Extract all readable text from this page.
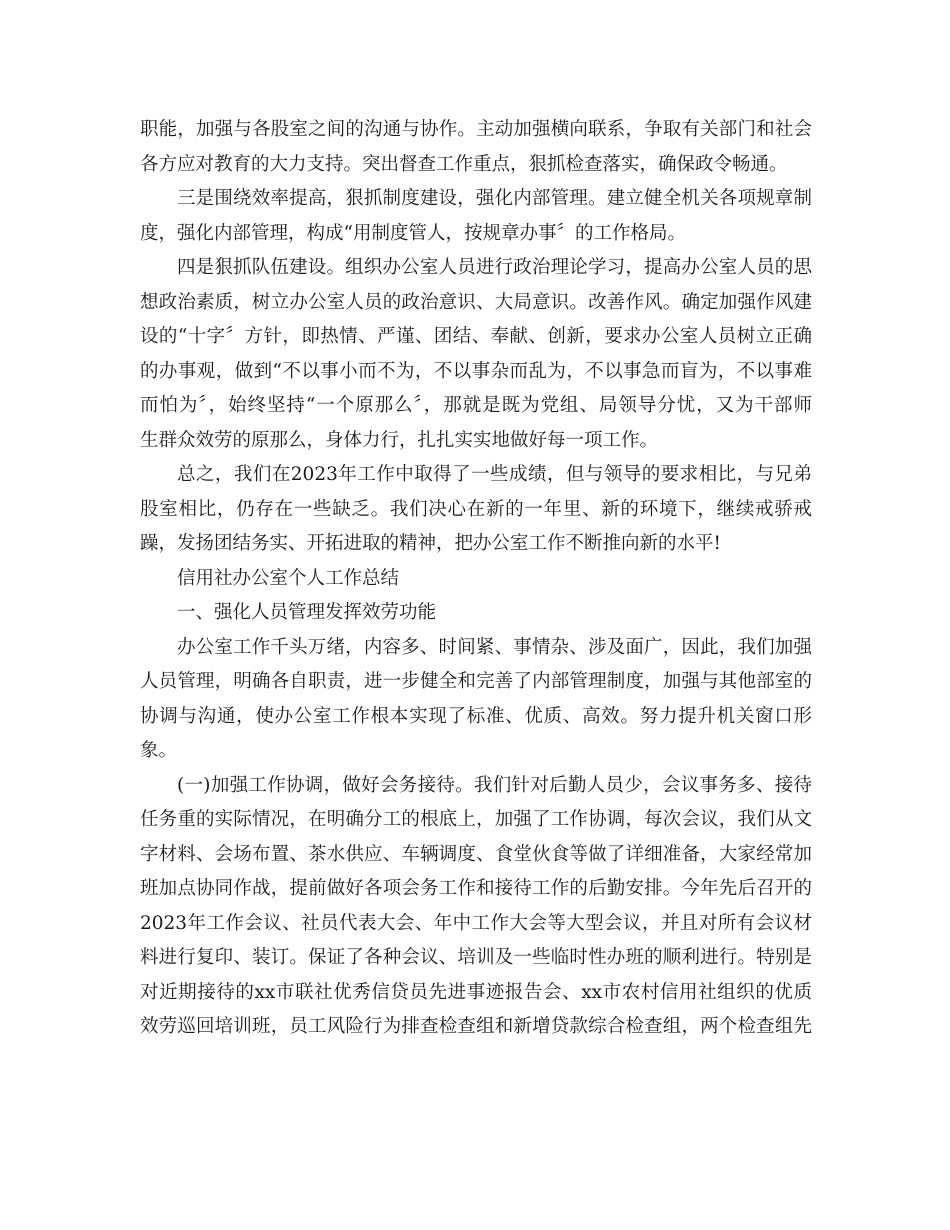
职能，加强与各股室之间的沟通与协作。主动加强横向联系，争取有关部门和社会
各方应对教育的大力支持。突出督查工作重点，狠抓检查落实，确保政令畅通。
三是围绕效率提高，狠抓制度建设，强化内部管理。建立健全机关各项规章制
度，强化内部管理，构成“用制度管人，按规章办事〞的工作格局。
四是狠抓队伍建设。组织办公室人员进行政治理论学习，提高办公室人员的思
想政治素质，树立办公室人员的政治意识、大局意识。改善作风。确定加强作风建
设的“十字〞方针，即热情、严谨、团结、奉献、创新，要求办公室人员树立正确
的办事观，做到“不以事小而不为，不以事杂而乱为，不以事急而盲为，不以事难
而怕为〞，始终坚持“一个原那么〞，那就是既为党组、局领导分忧，又为干部师
生群众效劳的原那么，身体力行，扎扎实实地做好每一项工作。
总之，我们在2023年工作中取得了一些成绩，但与领导的要求相比，与兄弟
股室相比，仍存在一些缺乏。我们决心在新的一年里、新的环境下，继续戒骄戒
躁，发扬团结务实、开拓进取的精神，把办公室工作不断推向新的水平!
信用社办公室个人工作总结
一、强化人员管理发挥效劳功能
办公室工作千头万绪，内容多、时间紧、事情杂、涉及面广，因此，我们加强
人员管理，明确各自职责，进一步健全和完善了内部管理制度，加强与其他部室的
协调与沟通，使办公室工作根本实现了标准、优质、高效。努力提升机关窗口形
象。
(一)加强工作协调，做好会务接待。我们针对后勤人员少，会议事务多、接待
任务重的实际情况，在明确分工的根底上，加强了工作协调，每次会议，我们从文
字材料、会场布置、茶水供应、车辆调度、食堂伙食等做了详细准备，大家经常加
班加点协同作战，提前做好各项会务工作和接待工作的后勤安排。今年先后召开的
2023年工作会议、社员代表大会、年中工作大会等大型会议，并且对所有会议材
料进行复印、装订。保证了各种会议、培训及一些临时性办班的顺利进行。特别是
对近期接待的xx市联社优秀信贷员先进事迹报告会、xx市农村信用社组织的优质
效劳巡回培训班，员工风险行为排查检查组和新增贷款综合检查组，两个检查组先
